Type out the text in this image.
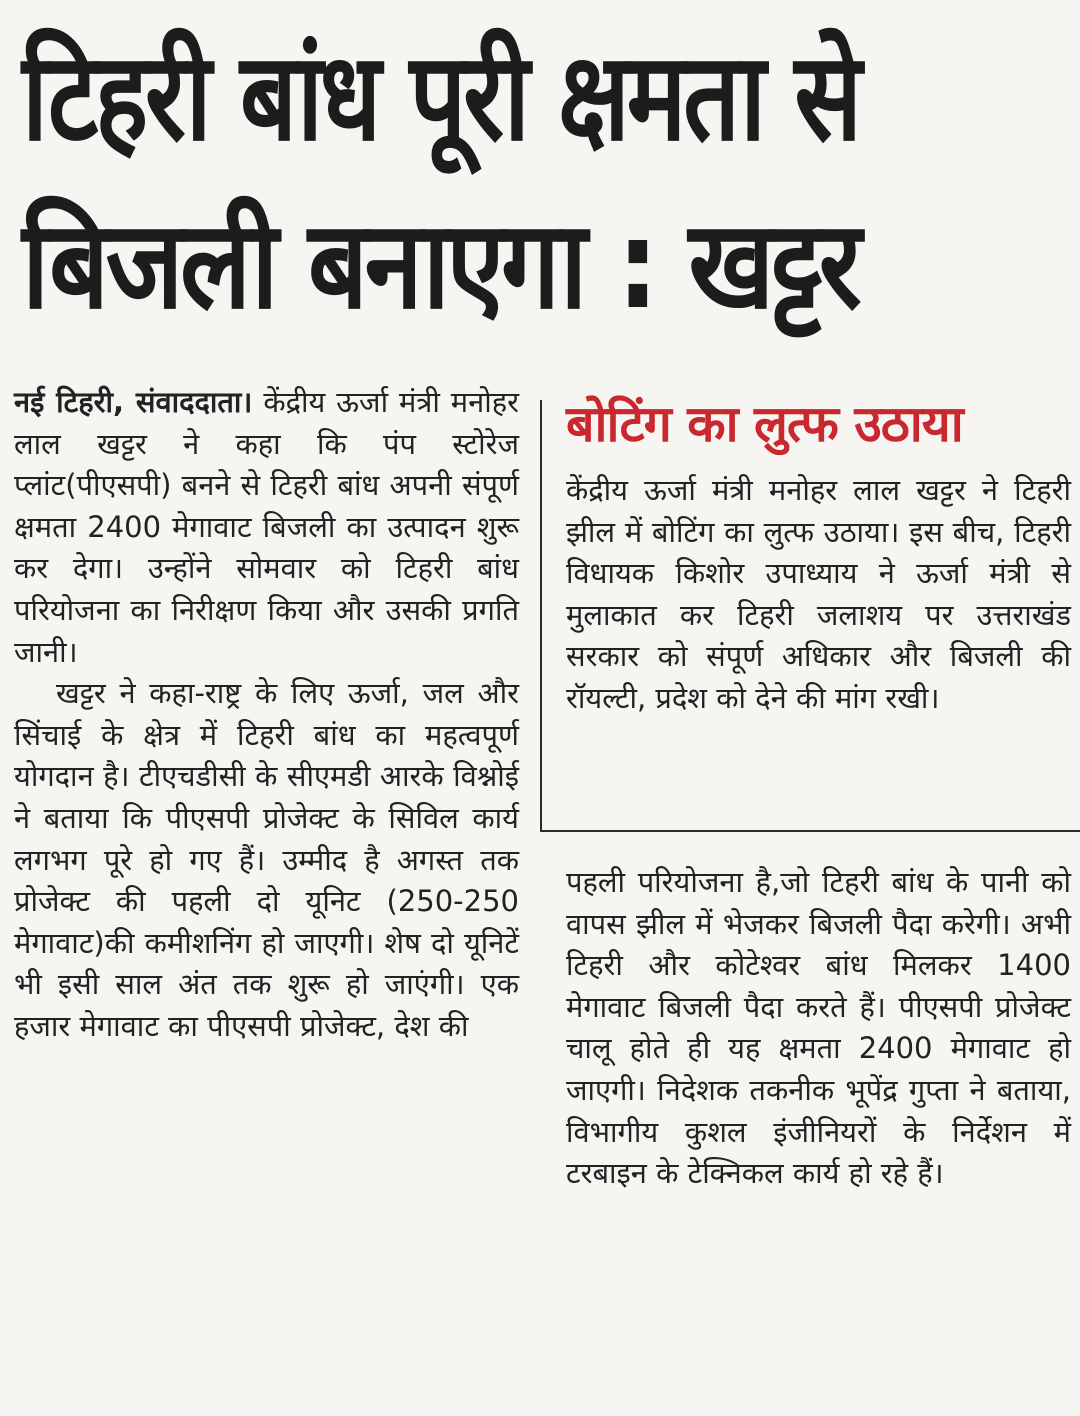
टिहरी बांध पूरी क्षमता से
बिजली बनाएगा : खट्टर

नई टिहरी, संवाददाता। केंद्रीय ऊर्जा मंत्री मनोहर लाल खट्टर ने कहा कि पंप स्टोरेज प्लांट(पीएसपी) बनने से टिहरी बांध अपनी संपूर्ण क्षमता 2400 मेगावाट बिजली का उत्पादन शुरू कर देगा। उन्होंने सोमवार को टिहरी बांध परियोजना का निरीक्षण किया और उसकी प्रगति जानी।

खट्टर ने कहा-राष्ट्र के लिए ऊर्जा, जल और सिंचाई के क्षेत्र में टिहरी बांध का महत्वपूर्ण योगदान है। टीएचडीसी के सीएमडी आरके विश्नोई ने बताया कि पीएसपी प्रोजेक्ट के सिविल कार्य लगभग पूरे हो गए हैं। उम्मीद है अगस्त तक प्रोजेक्ट की पहली दो यूनिट (250-250 मेगावाट)की कमीशनिंग हो जाएगी। शेष दो यूनिटें भी इसी साल अंत तक शुरू हो जाएंगी। एक हजार मेगावाट का पीएसपी प्रोजेक्ट, देश की

बोटिंग का लुत्फ उठाया
केंद्रीय ऊर्जा मंत्री मनोहर लाल खट्टर ने टिहरी झील में बोटिंग का लुत्फ उठाया। इस बीच, टिहरी विधायक किशोर उपाध्याय ने ऊर्जा मंत्री से मुलाकात कर टिहरी जलाशय पर उत्तराखंड सरकार को संपूर्ण अधिकार और बिजली की रॉयल्टी, प्रदेश को देने की मांग रखी।
पहली परियोजना है,जो टिहरी बांध के पानी को वापस झील में भेजकर बिजली पैदा करेगी। अभी टिहरी और कोटेश्वर बांध मिलकर 1400 मेगावाट बिजली पैदा करते हैं। पीएसपी प्रोजेक्ट चालू होते ही यह क्षमता 2400 मेगावाट हो जाएगी। निदेशक तकनीक भूपेंद्र गुप्ता ने बताया, विभागीय कुशल इंजीनियरों के निर्देशन में टरबाइन के टेक्निकल कार्य हो रहे हैं।
